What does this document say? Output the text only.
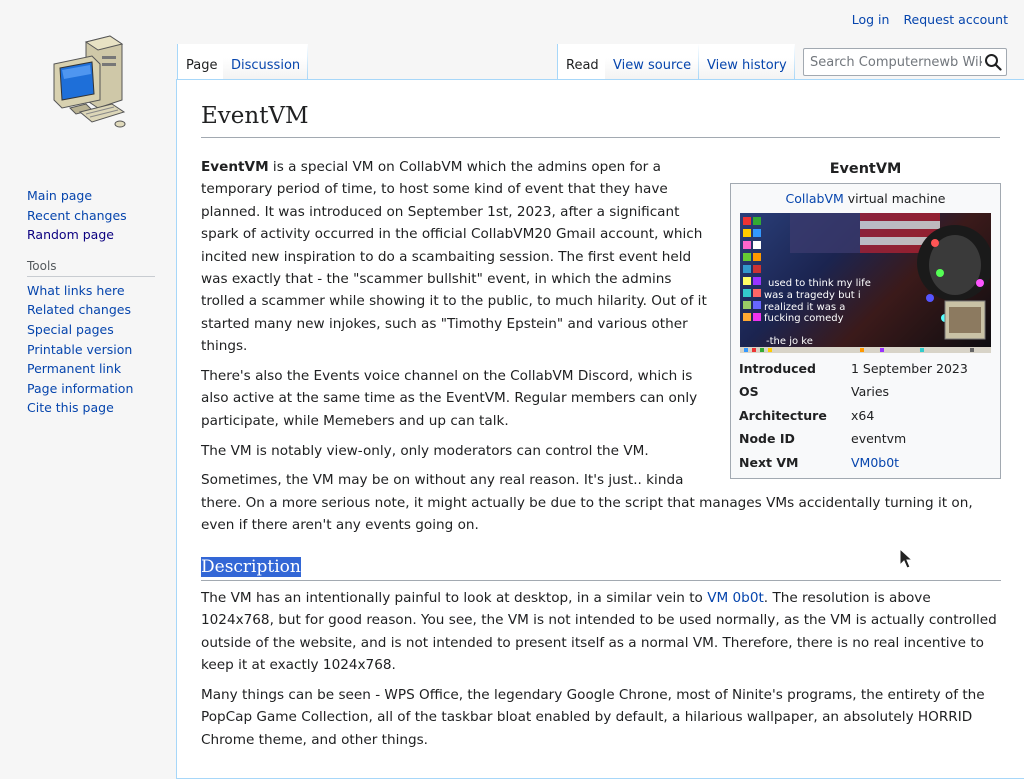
Log in Request account
Main page
Recent changes
Random page
Tools
What links here
Related changes
Special pages
Printable version
Permanent link
Page information
Cite this page
Page	Discussion	Read	View source	View history
Search Computernewb Wiki
EventVM
EventVM
CollabVM virtual machine
used to think my life
was a tragedy but i
realized it was a
fucking comedy
-the jo ke
Introduced	1 September 2023
OS	Varies
Architecture	x64
Node ID	eventvm
Next VM	VM0b0t

EventVM is a special VM on CollabVM which the admins open for a temporary period of time, to host some kind of event that they have planned. It was introduced on September 1st, 2023, after a significant spark of activity occurred in the official CollabVM20 Gmail account, which incited new inspiration to do a scambaiting session. The first event held was exactly that - the "scammer bullshit" event, in which the admins trolled a scammer while showing it to the public, to much hilarity. Out of it started many new injokes, such as "Timothy Epstein" and various other things.

There's also the Events voice channel on the CollabVM Discord, which is also active at the same time as the EventVM. Regular members can only participate, while Memebers and up can talk.

The VM is notably view-only, only moderators can control the VM.

Sometimes, the VM may be on without any real reason. It's just.. kinda there. On a more serious note, it might actually be due to the script that manages VMs accidentally turning it on, even if there aren't any events going on.

Description

The VM has an intentionally painful to look at desktop, in a similar vein to VM 0b0t. The resolution is above 1024x768, but for good reason. You see, the VM is not intended to be used normally, as the VM is actually controlled outside of the website, and is not intended to present itself as a normal VM. Therefore, there is no real incentive to keep it at exactly 1024x768.

Many things can be seen - WPS Office, the legendary Google Chrone, most of Ninite's programs, the entirety of the PopCap Game Collection, all of the taskbar bloat enabled by default, a hilarious wallpaper, an absolutely HORRID Chrome theme, and other things.
